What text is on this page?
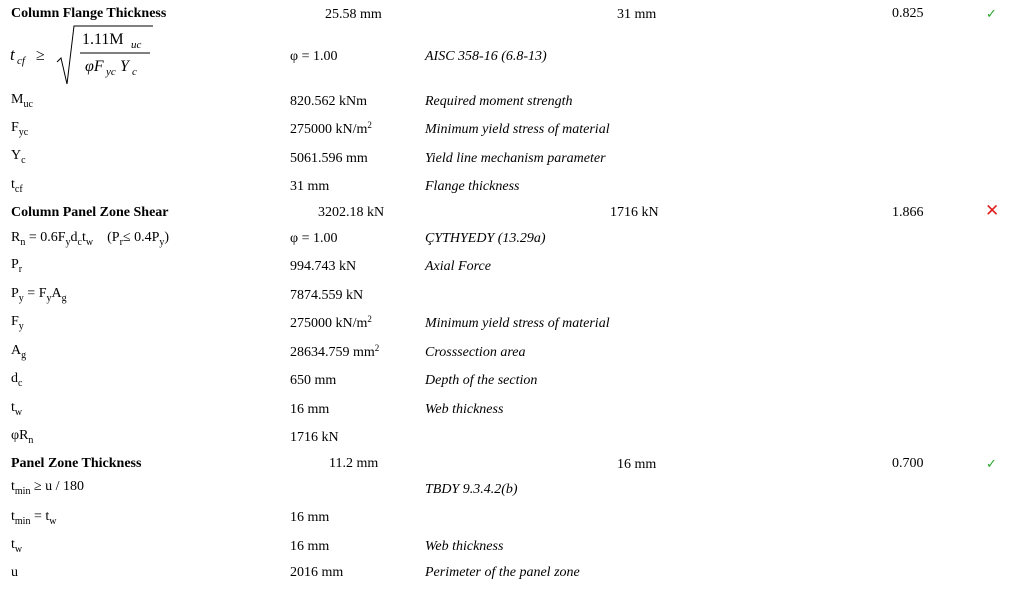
Column Flange Thickness	25.58 mm	31 mm	0.825	✓
t cf ≥
1.11M uc
φF yc Y c
φ = 1.00	AISC 358-16 (6.8-13)
$M_{uc}$	820.562 kNm	Required moment strength
$F_{yc}$	275000 $kN/m^2$	Minimum yield stress of material
$Y_c$	5061.596 mm	Yield line mechanism parameter
$t_{cf}$	31 mm	Flange thickness
Column Panel Zone Shear	3202.18 kN	1716 kN	1.866	✕
$R_n = 0.6F_yd_ct_w$ $(P_r\le 0.4P_y)$	φ = 1.00	ÇYTHYEDY (13.29a)
$P_r$	994.743 kN	Axial Force
$P_y = F_yA_g$	7874.559 kN
$F_y$	275000 $kN/m^2$	Minimum yield stress of material
$A_g$	28634.759 $mm^2$	Crosssection area
$d_c$	650 mm	Depth of the section
$t_w$	16 mm	Web thickness
$\varphi R_n$	1716 kN
Panel Zone Thickness	11.2 mm	16 mm	0.700	✓
$t_{min} \ge u / 180$	TBDY 9.3.4.2(b)
$t_{min} = t_w$	16 mm
$t_w$	16 mm	Web thickness
u	2016 mm	Perimeter of the panel zone
